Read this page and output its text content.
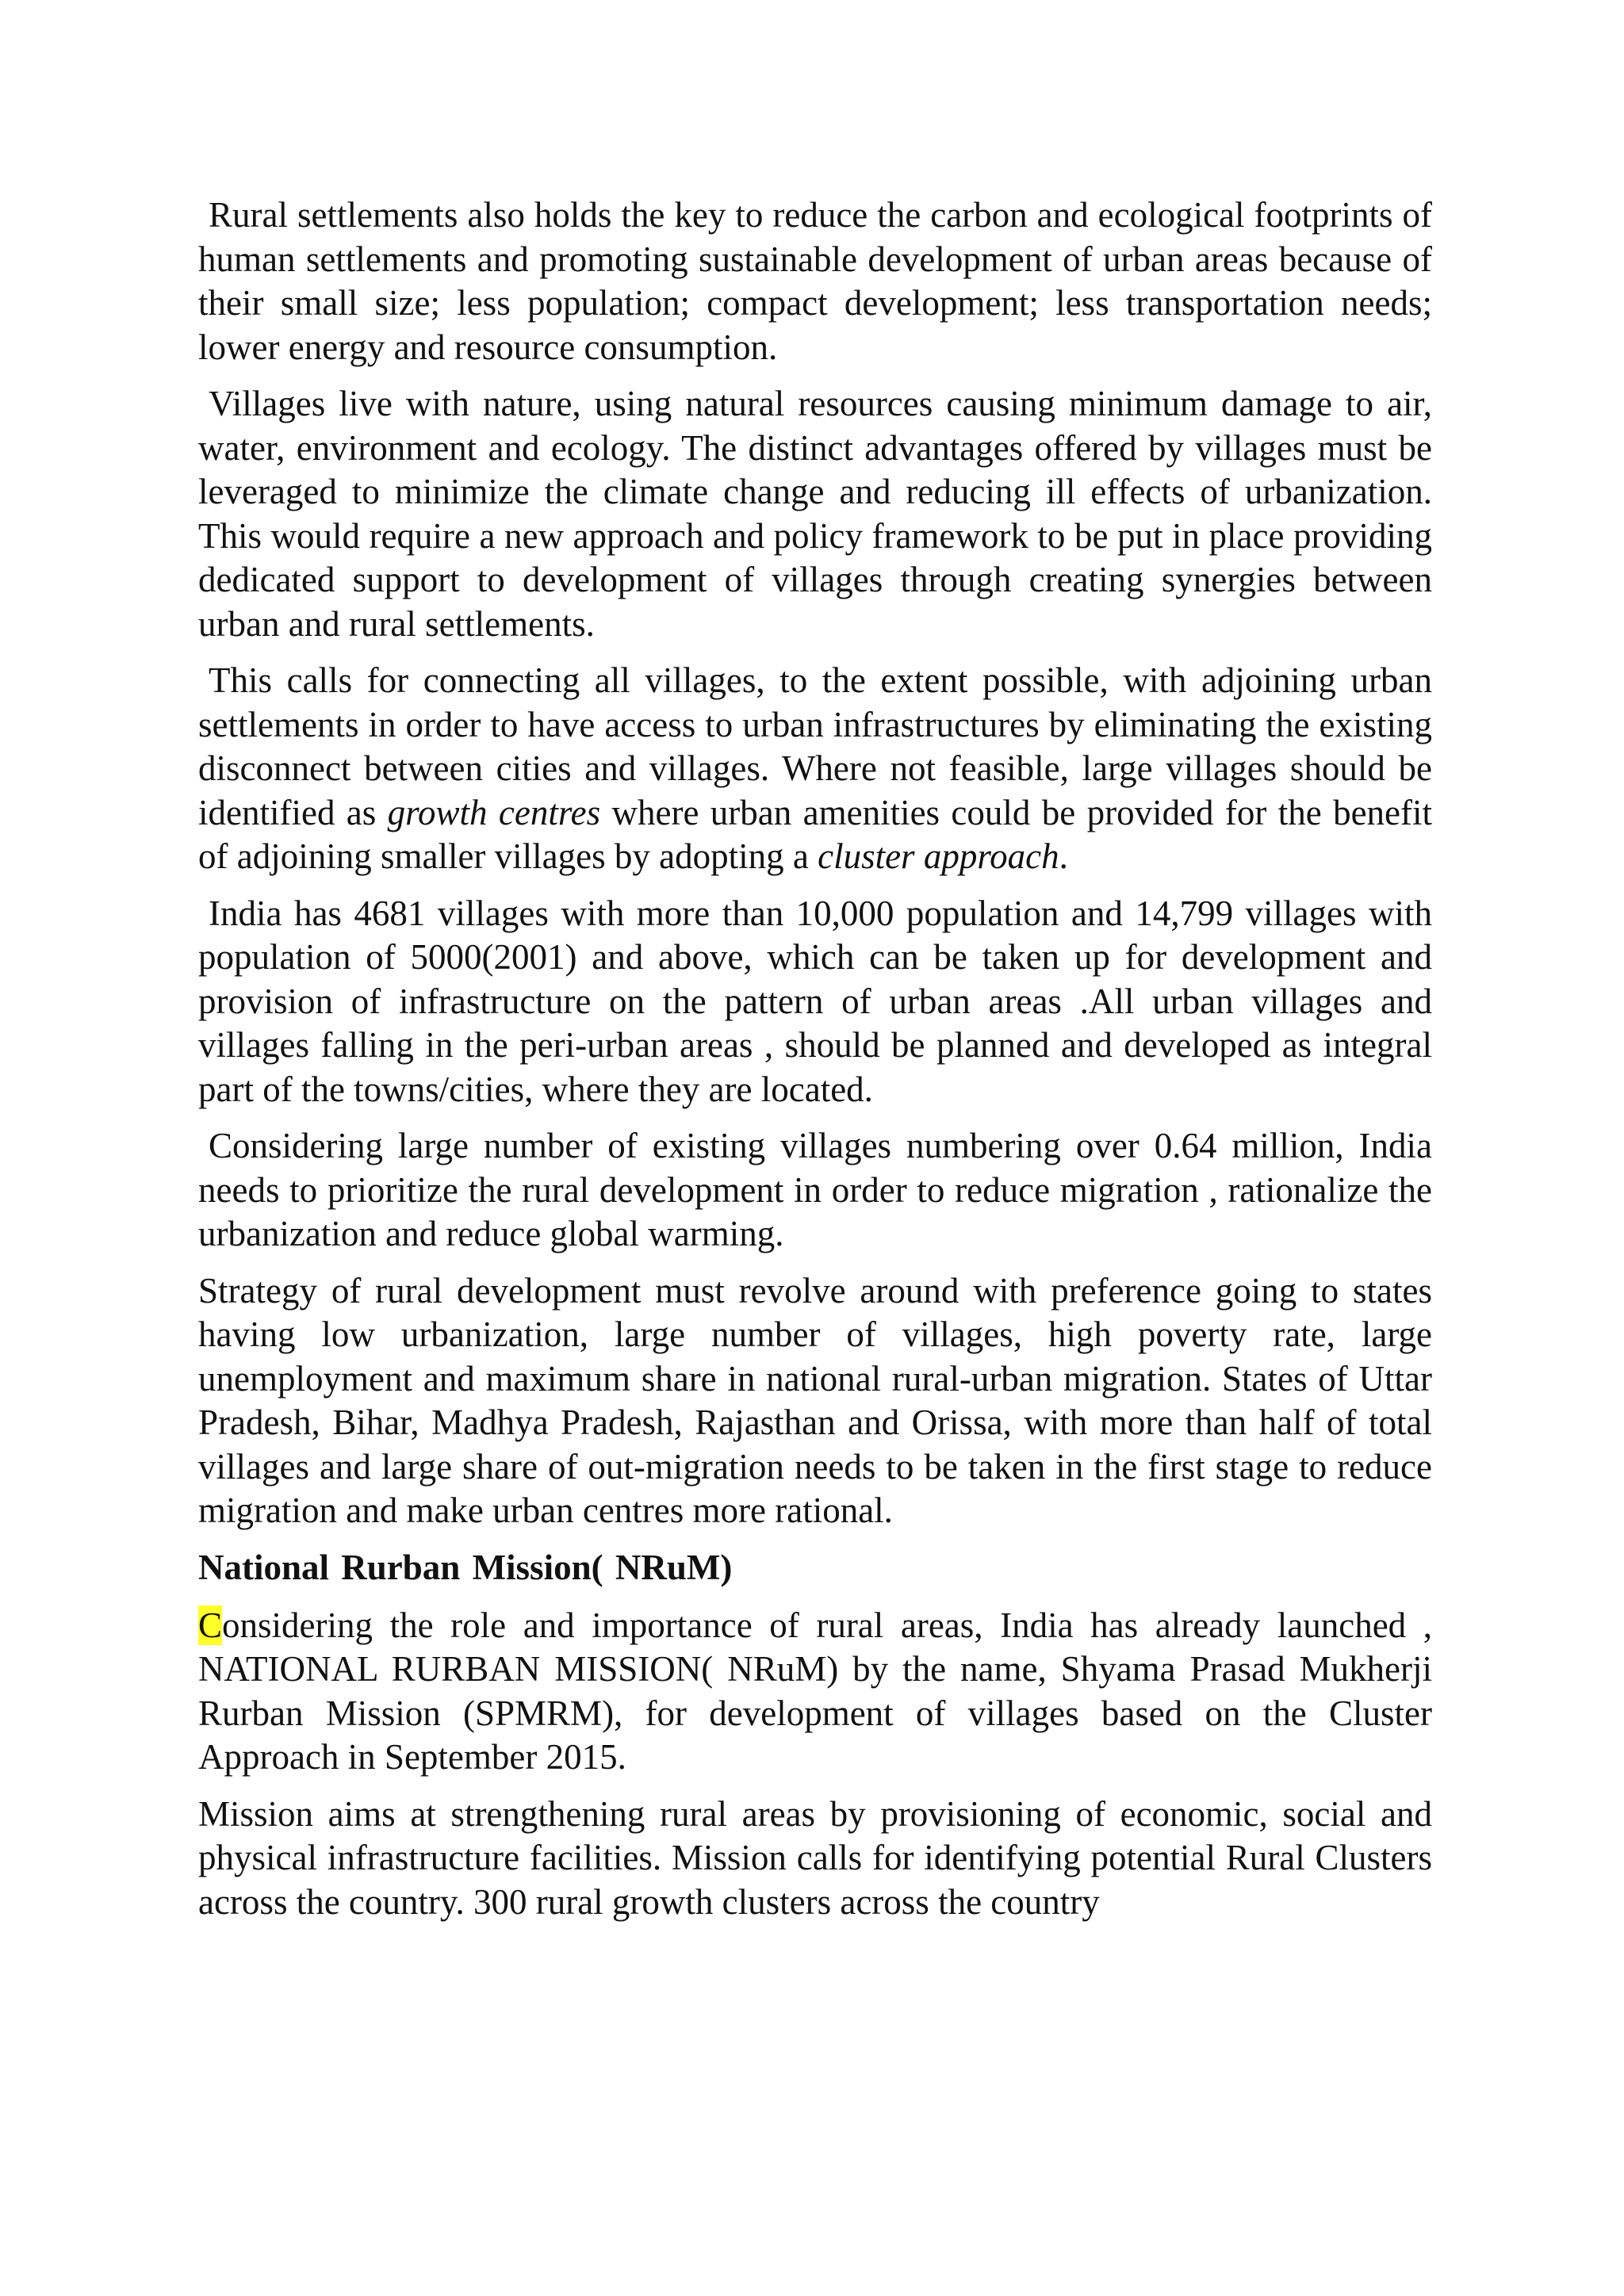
Rural settlements also holds the key to reduce the carbon and ecological footprints of human settlements and promoting sustainable development of urban areas because of their small size; less population; compact development; less transportation needs; lower energy and resource consumption.

Villages live with nature, using natural resources causing minimum damage to air, water, environment and ecology. The distinct advantages offered by villages must be leveraged to minimize the climate change and reducing ill effects of urbanization. This would require a new approach and policy framework to be put in place providing dedicated support to development of villages through creating synergies between urban and rural settlements.

This calls for connecting all villages, to the extent possible, with adjoining urban settlements in order to have access to urban infrastructures by eliminating the existing disconnect between cities and villages. Where not feasible, large villages should be identified as growth centres where urban amenities could be provided for the benefit of adjoining smaller villages by adopting a cluster approach.

India has 4681 villages with more than 10,000 population and 14,799 villages with population of 5000(2001) and above, which can be taken up for development and provision of infrastructure on the pattern of urban areas .All urban villages and villages falling in the peri-urban areas , should be planned and developed as integral part of the towns/cities, where they are located.

Considering large number of existing villages numbering over 0.64 million, India needs to prioritize the rural development in order to reduce migration , rationalize the urbanization and reduce global warming.

Strategy of rural development must revolve around with preference going to states having low urbanization, large number of villages, high poverty rate, large unemployment and maximum share in national rural-urban migration. States of Uttar Pradesh, Bihar, Madhya Pradesh, Rajasthan and Orissa, with more than half of total villages and large share of out-migration needs to be taken in the first stage to reduce migration and make urban centres more rational.

National Rurban Mission( NRuM)

Considering the role and importance of rural areas, India has already launched , NATIONAL RURBAN MISSION( NRuM) by the name, Shyama Prasad Mukherji Rurban Mission (SPMRM), for development of villages based on the Cluster Approach in September 2015.

Mission aims at strengthening rural areas by provisioning of economic, social and physical infrastructure facilities. Mission calls for identifying potential Rural Clusters across the country. 300 rural growth clusters across the country
